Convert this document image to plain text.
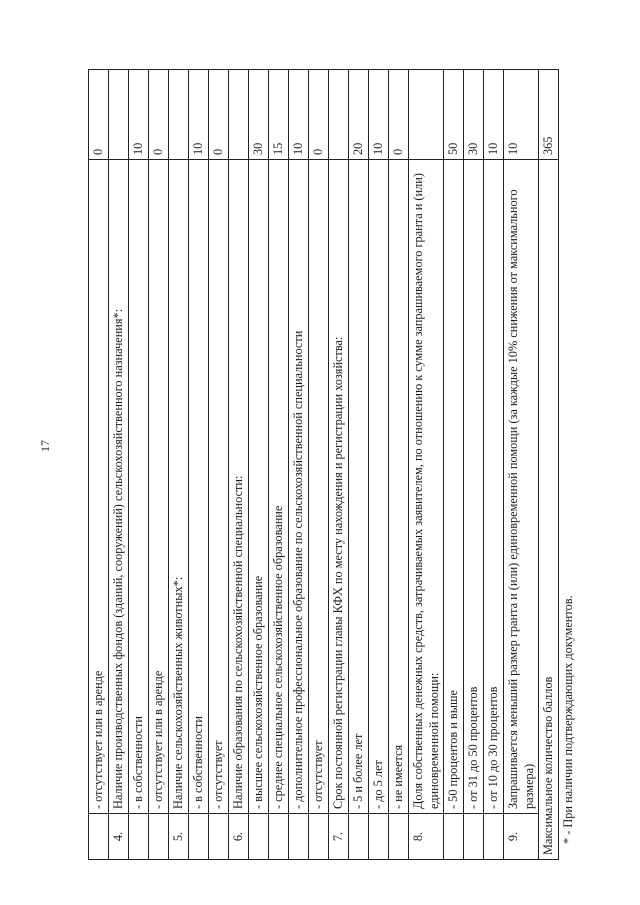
17
	- отсутствует или в аренде	0
4.	Наличие производственных фондов (зданий, сооружений) сельскохозяйственного назначения*:	
	- в собственности	10
	- отсутствует или в аренде	0
5.	Наличие сельскохозяйственных животных*:	
	- в собственности	10
	- отсутствует	0
6.	Наличие образования по сельскохозяйственной специальности:	
	- высшее сельскохозяйственное образование	30
	- среднее специальное сельскохозяйственное образование	15
	- дополнительное профессиональное образование по сельскохозяйственной специальности	10
	- отсутствует	0
7.	Срок постоянной регистрации главы КФХ по месту нахождения и регистрации хозяйства:	
	- 5 и более лет	20
	- до 5 лет	10
	- не имеется	0
8.	Доля собственных денежных средств, затрачиваемых заявителем, по отношению к сумме запрашиваемого гранта и (или) единовременной помощи:	
	- 50 процентов и выше	50
	- от 31 до 50 процентов	30
	- от 10 до 30 процентов	10
9.	Запрашивается меньший размер гранта и (или) единовременной помощи (за каждые 10% снижения от максимального размера)	10
Максимальное количество баллов		365
* - При наличии подтверждающих документов.
